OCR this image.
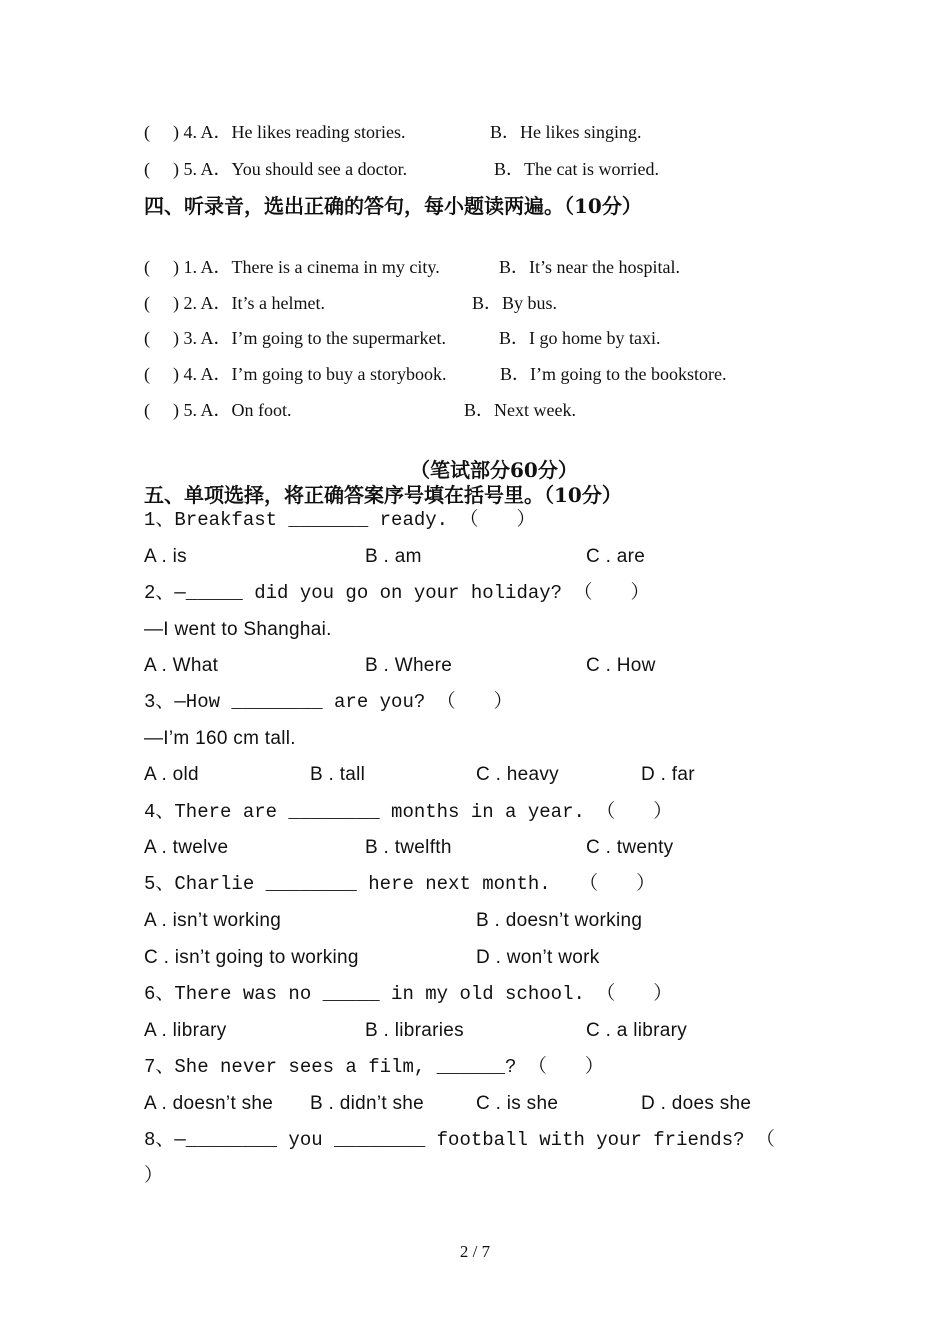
( ) 4. A．He likes reading stories.	B．He likes singing.
( ) 5. A．You should see a doctor.	B．The cat is worried.
四、听录音，选出正确的答句，每小题读两遍。（10分）
( ) 1. A．There is a cinema in my city.	B．It’s near the hospital.
( ) 2. A．It’s a helmet.	B．By bus.
( ) 3. A．I’m going to the supermarket.	B．I go home by taxi.
( ) 4. A．I’m going to buy a storybook.	B．I’m going to the bookstore.
( ) 5. A．On foot.	B．Next week.
（笔试部分60分）
五、单项选择，将正确答案序号填在括号里。（10分）
1、Breakfast _______ ready. （　　）
A . is	B . am	C . are
2、—_____ did you go on your holiday? （　　）
—I went to Shanghai.
A . What	B . Where	C . How
3、—How ________ are you? （　　）
—I’m 160 cm tall.
A . old	B . tall	C . heavy	D . far
4、There are ________ months in a year. （　　）
A . twelve	B . twelfth	C . twenty
5、Charlie ________ here next month.　　（　　）
A . isn’t working	B . doesn’t working
C . isn’t going to working	D . won’t work
6、There was no _____ in my old school. （　　）
A . library	B . libraries	C . a library
7、She never sees a film, ______? （　　）
A . doesn’t she B . didn’t she	C . is she	D . does she
8、—________ you ________ football with your friends? （
）
2 / 7
